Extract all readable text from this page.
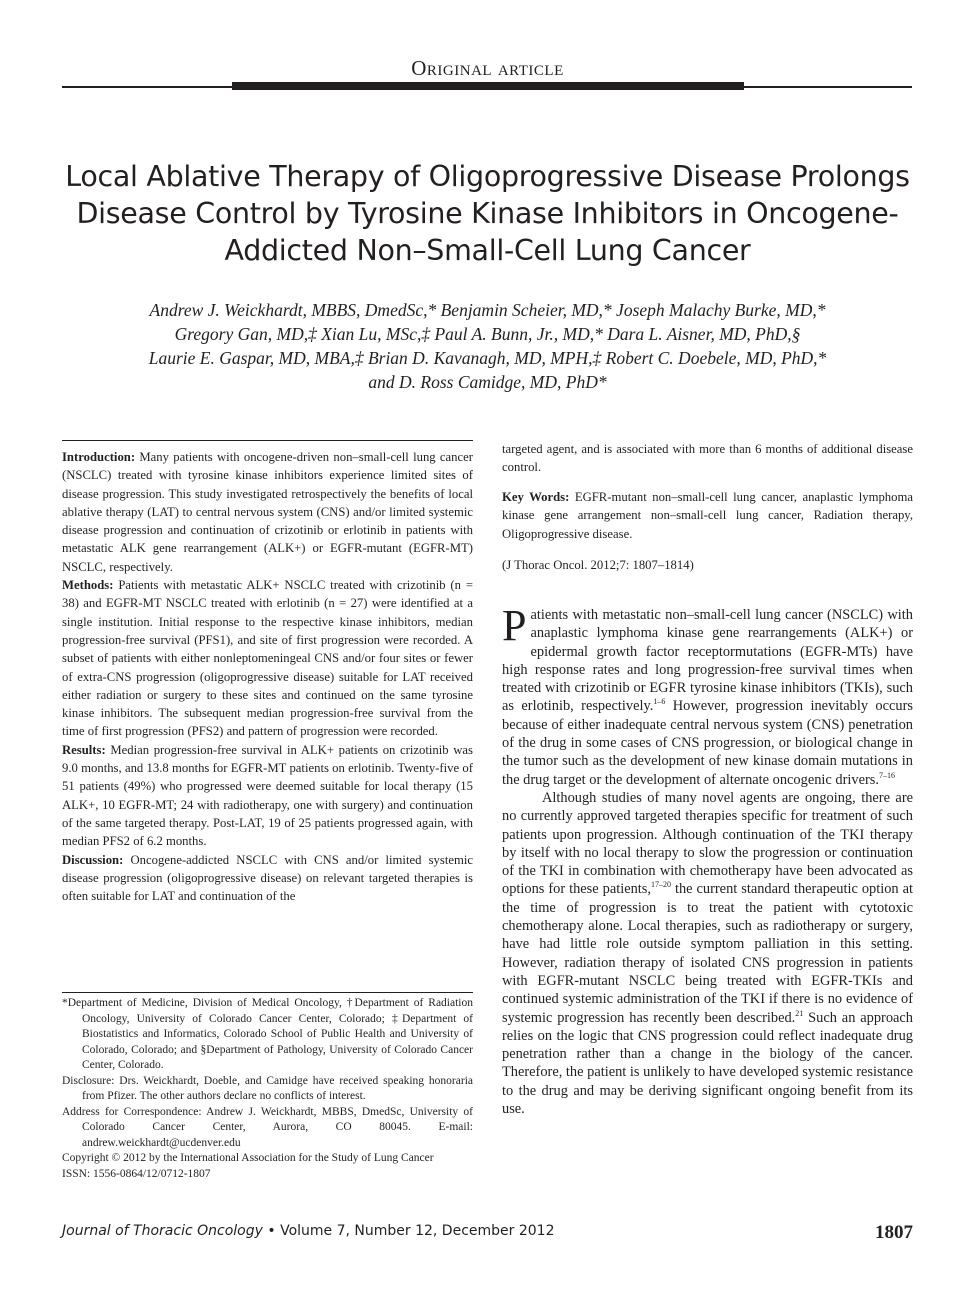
Original article
Local Ablative Therapy of Oligoprogressive Disease Prolongs Disease Control by Tyrosine Kinase Inhibitors in Oncogene-Addicted Non–Small-Cell Lung Cancer
Andrew J. Weickhardt, MBBS, DmedSc,* Benjamin Scheier, MD,* Joseph Malachy Burke, MD,*
Gregory Gan, MD,‡ Xian Lu, MSc,‡ Paul A. Bunn, Jr., MD,* Dara L. Aisner, MD, PhD,§
Laurie E. Gaspar, MD, MBA,‡ Brian D. Kavanagh, MD, MPH,‡ Robert C. Doebele, MD, PhD,*
and D. Ross Camidge, MD, PhD*

Introduction: Many patients with oncogene-driven non–small-cell lung cancer (NSCLC) treated with tyrosine kinase inhibitors experience limited sites of disease progression. This study investigated retrospectively the benefits of local ablative therapy (LAT) to central nervous system (CNS) and/or limited systemic disease progression and continuation of crizotinib or erlotinib in patients with metastatic ALK gene rearrangement (ALK+) or EGFR-mutant (EGFR-MT) NSCLC, respectively.

Methods: Patients with metastatic ALK+ NSCLC treated with crizotinib (n = 38) and EGFR-MT NSCLC treated with erlotinib (n = 27) were identified at a single institution. Initial response to the respective kinase inhibitors, median progression-free survival (PFS1), and site of first progression were recorded. A subset of patients with either nonleptomeningeal CNS and/or four sites or fewer of extra-CNS progression (oligoprogressive disease) suitable for LAT received either radiation or surgery to these sites and continued on the same tyrosine kinase inhibitors. The subsequent median progression-free survival from the time of first progression (PFS2) and pattern of progression were recorded.

Results: Median progression-free survival in ALK+ patients on crizotinib was 9.0 months, and 13.8 months for EGFR-MT patients on erlotinib. Twenty-five of 51 patients (49%) who progressed were deemed suitable for local therapy (15 ALK+, 10 EGFR-MT; 24 with radiotherapy, one with surgery) and continuation of the same targeted therapy. Post-LAT, 19 of 25 patients progressed again, with median PFS2 of 6.2 months.

Discussion: Oncogene-addicted NSCLC with CNS and/or limited systemic disease progression (oligoprogressive disease) on relevant targeted therapies is often suitable for LAT and continuation of the

*Department of Medicine, Division of Medical Oncology, †Department of Radiation Oncology, University of Colorado Cancer Center, Colorado; ‡Department of Biostatistics and Informatics, Colorado School of Public Health and University of Colorado, Colorado; and §Department of Pathology, University of Colorado Cancer Center, Colorado.

Disclosure: Drs. Weickhardt, Doeble, and Camidge have received speaking honoraria from Pfizer. The other authors declare no conflicts of interest.

Address for Correspondence: Andrew J. Weickhardt, MBBS, DmedSc, University of Colorado Cancer Center, Aurora, CO 80045. E-mail: andrew.weickhardt@ucdenver.edu

Copyright © 2012 by the International Association for the Study of Lung Cancer

ISSN: 1556-0864/12/0712-1807

targeted agent, and is associated with more than 6 months of additional disease control.

Key Words: EGFR-mutant non–small-cell lung cancer, anaplastic lymphoma kinase gene arrangement non–small-cell lung cancer, Radiation therapy, Oligoprogressive disease.
(J Thorac Oncol. 2012;7: 1807–1814)

Patients with metastatic non–small-cell lung cancer (NSCLC) with anaplastic lymphoma kinase gene rearrangements (ALK+) or epidermal growth factor receptormutations (EGFR-MTs) have high response rates and long progression-free survival times when treated with crizotinib or EGFR tyrosine kinase inhibitors (TKIs), such as erlotinib, respectively.$^{1-6}$ However, progression inevitably occurs because of either inadequate central nervous system (CNS) penetration of the drug in some cases of CNS progression, or biological change in the tumor such as the development of new kinase domain mutations in the drug target or the development of alternate oncogenic drivers.$^{7-16}$

Although studies of many novel agents are ongoing, there are no currently approved targeted therapies specific for treatment of such patients upon progression. Although continuation of the TKI therapy by itself with no local therapy to slow the progression or continuation of the TKI in combination with chemotherapy have been advocated as options for these patients,$^{17-20}$ the current standard therapeutic option at the time of progression is to treat the patient with cytotoxic chemotherapy alone. Local therapies, such as radiotherapy or surgery, have had little role outside symptom palliation in this setting. However, radiation therapy of isolated CNS progression in patients with EGFR-mutant NSCLC being treated with EGFR-TKIs and continued systemic administration of the TKI if there is no evidence of systemic progression has recently been described.$^{21}$ Such an approach relies on the logic that CNS progression could reflect inadequate drug penetration rather than a change in the biology of the cancer. Therefore, the patient is unlikely to have developed systemic resistance to the drug and may be deriving significant ongoing benefit from its use.

Journal of Thoracic Oncology • Volume 7, Number 12, December 2012	1807
